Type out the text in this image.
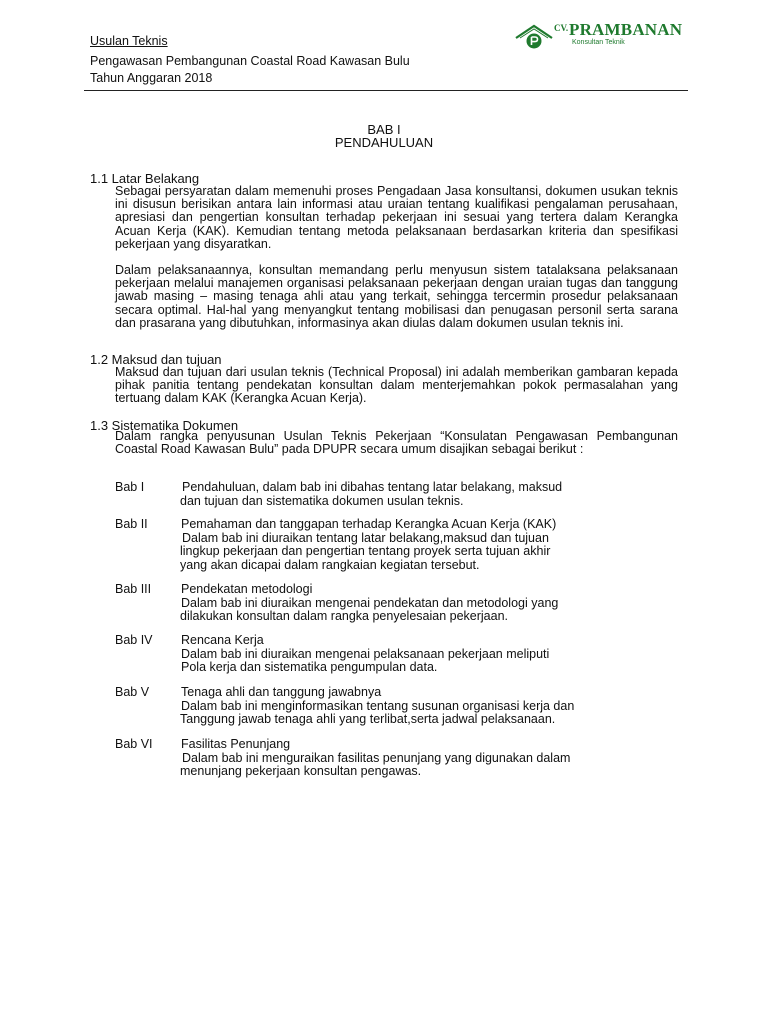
Usulan Teknis
Pengawasan Pembangunan Coastal Road Kawasan Bulu
Tahun Anggaran 2018
CV. PRAMBANAN
Konsultan Teknik
BAB I
PENDAHULUAN
1.1 Latar Belakang

Sebagai persyaratan dalam memenuhi proses Pengadaan Jasa konsultansi, dokumen usukan teknis ini disusun berisikan antara lain informasi atau uraian tentang kualifikasi pengalaman perusahaan, apresiasi dan pengertian konsultan terhadap pekerjaan ini sesuai yang tertera dalam Kerangka Acuan Kerja (KAK). Kemudian tentang metoda pelaksanaan berdasarkan kriteria dan spesifikasi pekerjaan yang disyaratkan.

Dalam pelaksanaannya, konsultan memandang perlu menyusun sistem tatalaksana pelaksanaan pekerjaan melalui manajemen organisasi pelaksanaan pekerjaan dengan uraian tugas dan tanggung jawab masing – masing tenaga ahli atau yang terkait, sehingga tercermin prosedur pelaksanaan secara optimal. Hal-hal yang menyangkut tentang mobilisasi dan penugasan personil serta sarana dan prasarana yang dibutuhkan, informasinya akan diulas dalam dokumen usulan teknis ini.

1.2 Maksud dan tujuan

Maksud dan tujuan dari usulan teknis (Technical Proposal) ini adalah memberikan gambaran kepada pihak panitia tentang pendekatan konsultan dalam menterjemahkan pokok permasalahan yang tertuang dalam KAK (Kerangka Acuan Kerja).

1.3 Sistematika Dokumen

Dalam rangka penyusunan Usulan Teknis Pekerjaan “Konsulatan Pengawasan Pembangunan Coastal Road Kawasan Bulu” pada DPUPR secara umum disajikan sebagai berikut :

Bab I	Pendahuluan, dalam bab ini dibahas tentang latar belakang, maksud
dan tujuan dan sistematika dokumen usulan teknis.
Bab II	Pemahaman dan tanggapan terhadap Kerangka Acuan Kerja (KAK)
Dalam bab ini diuraikan tentang latar belakang,maksud dan tujuan
lingkup pekerjaan dan pengertian tentang proyek serta tujuan akhir
yang akan dicapai dalam rangkaian kegiatan tersebut.
Bab III Pendekatan metodologi
Dalam bab ini diuraikan mengenai pendekatan dan metodologi yang
dilakukan konsultan dalam rangka penyelesaian pekerjaan.
Bab IV Rencana Kerja
Dalam bab ini diuraikan mengenai pelaksanaan pekerjaan meliputi
Pola kerja dan sistematika pengumpulan data.
Bab V	Tenaga ahli dan tanggung jawabnya
Dalam bab ini menginformasikan tentang susunan organisasi kerja dan
Tanggung jawab tenaga ahli yang terlibat,serta jadwal pelaksanaan.
Bab VI Fasilitas Penunjang
Dalam bab ini menguraikan fasilitas penunjang yang digunakan dalam
menunjang pekerjaan konsultan pengawas.
